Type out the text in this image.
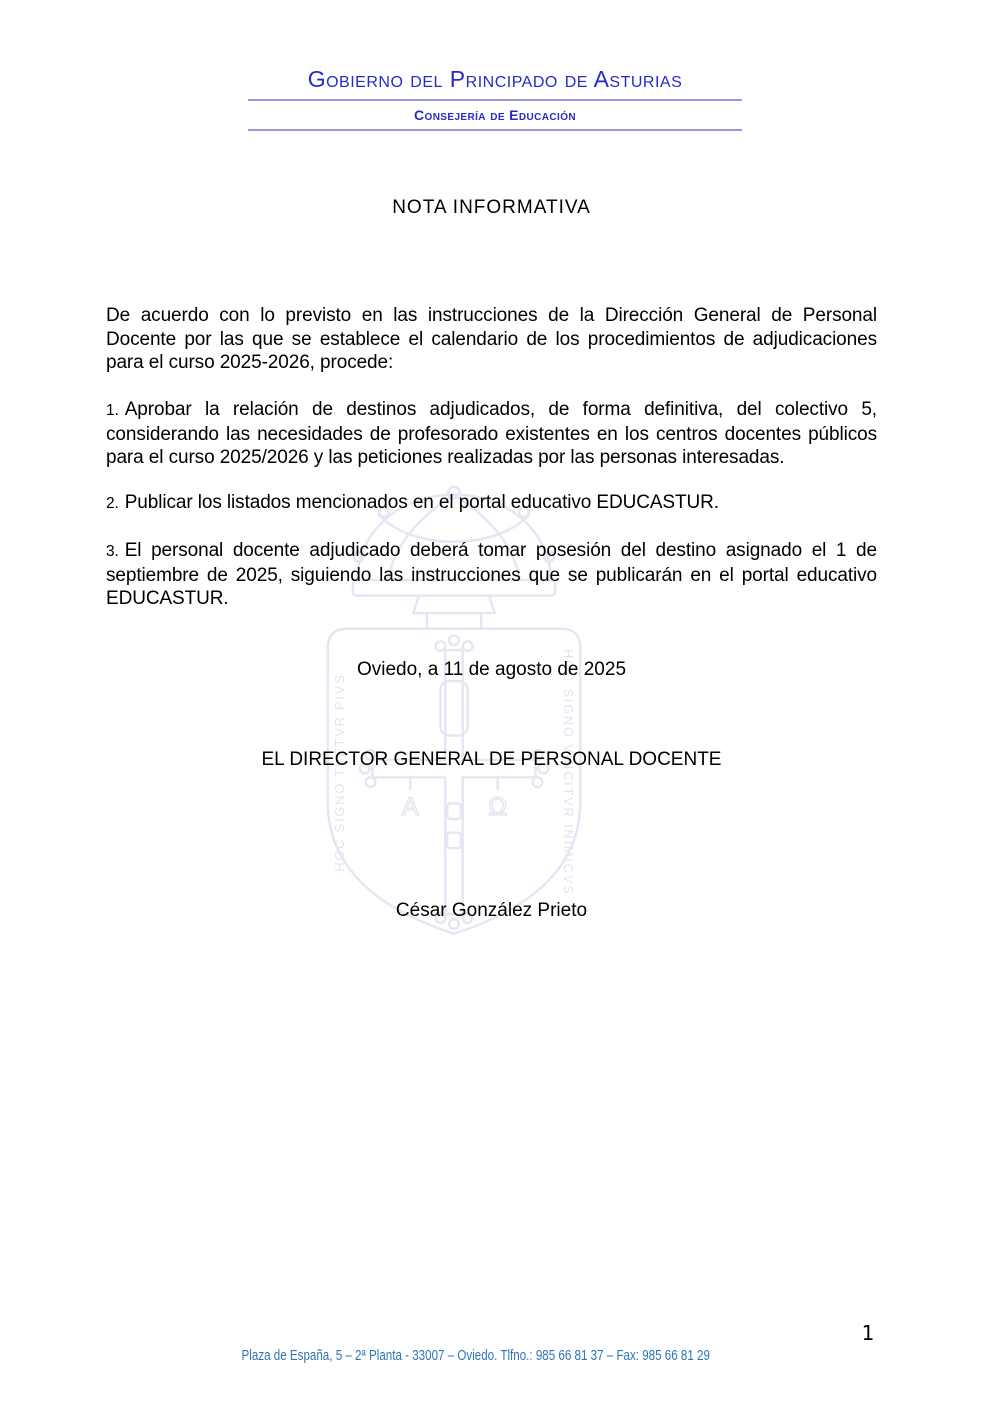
Α	Ω
HOC SIGNO TVETVR PIVS	HOC SIGNO VINCITVR INIMICVS
Gobierno del Principado de Asturias
Consejería de Educación
NOTA INFORMATIVA

De acuerdo con lo previsto en las instrucciones de la Dirección General de Personal Docente por las que se establece el calendario de los procedimientos de adjudicaciones para el curso 2025-2026, procede:

1. Aprobar la relación de destinos adjudicados, de forma definitiva, del colectivo 5, considerando las necesidades de profesorado existentes en los centros docentes públicos para el curso 2025/2026 y las peticiones realizadas por las personas interesadas.

2. Publicar los listados mencionados en el portal educativo EDUCASTUR.

3. El personal docente adjudicado deberá tomar posesión del destino asignado el 1 de septiembre de 2025, siguiendo las instrucciones que se publicarán en el portal educativo EDUCASTUR.

Oviedo, a 11 de agosto de 2025
EL DIRECTOR GENERAL DE PERSONAL DOCENTE
César González Prieto
Plaza de España, 5 – 2ª Planta - 33007 – Oviedo. Tlfno.: 985 66 81 37 – Fax: 985 66 81 29
1
